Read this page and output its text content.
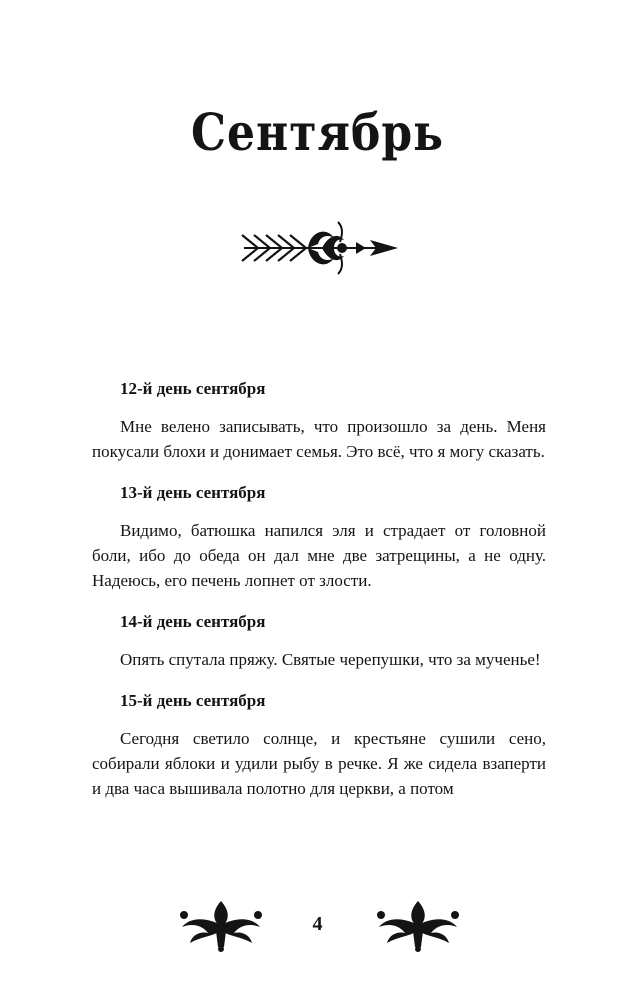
Сентябрь
12-й день сентября

Мне велено записывать, что произошло за день. Меня покусали блохи и донимает семья. Это всё, что я могу сказать.

13-й день сентября

Видимо, батюшка напился эля и страдает от головной боли, ибо до обеда он дал мне две затрещины, а не одну. Надеюсь, его печень лопнет от злости.

14-й день сентября

Опять спутала пряжу. Святые черепушки, что за мученье!

15-й день сентября

Сегодня светило солнце, и крестьяне сушили сено, собирали яблоки и удили рыбу в речке. Я же сидела взаперти и два часа вышивала полотно для церкви, а потом

4
